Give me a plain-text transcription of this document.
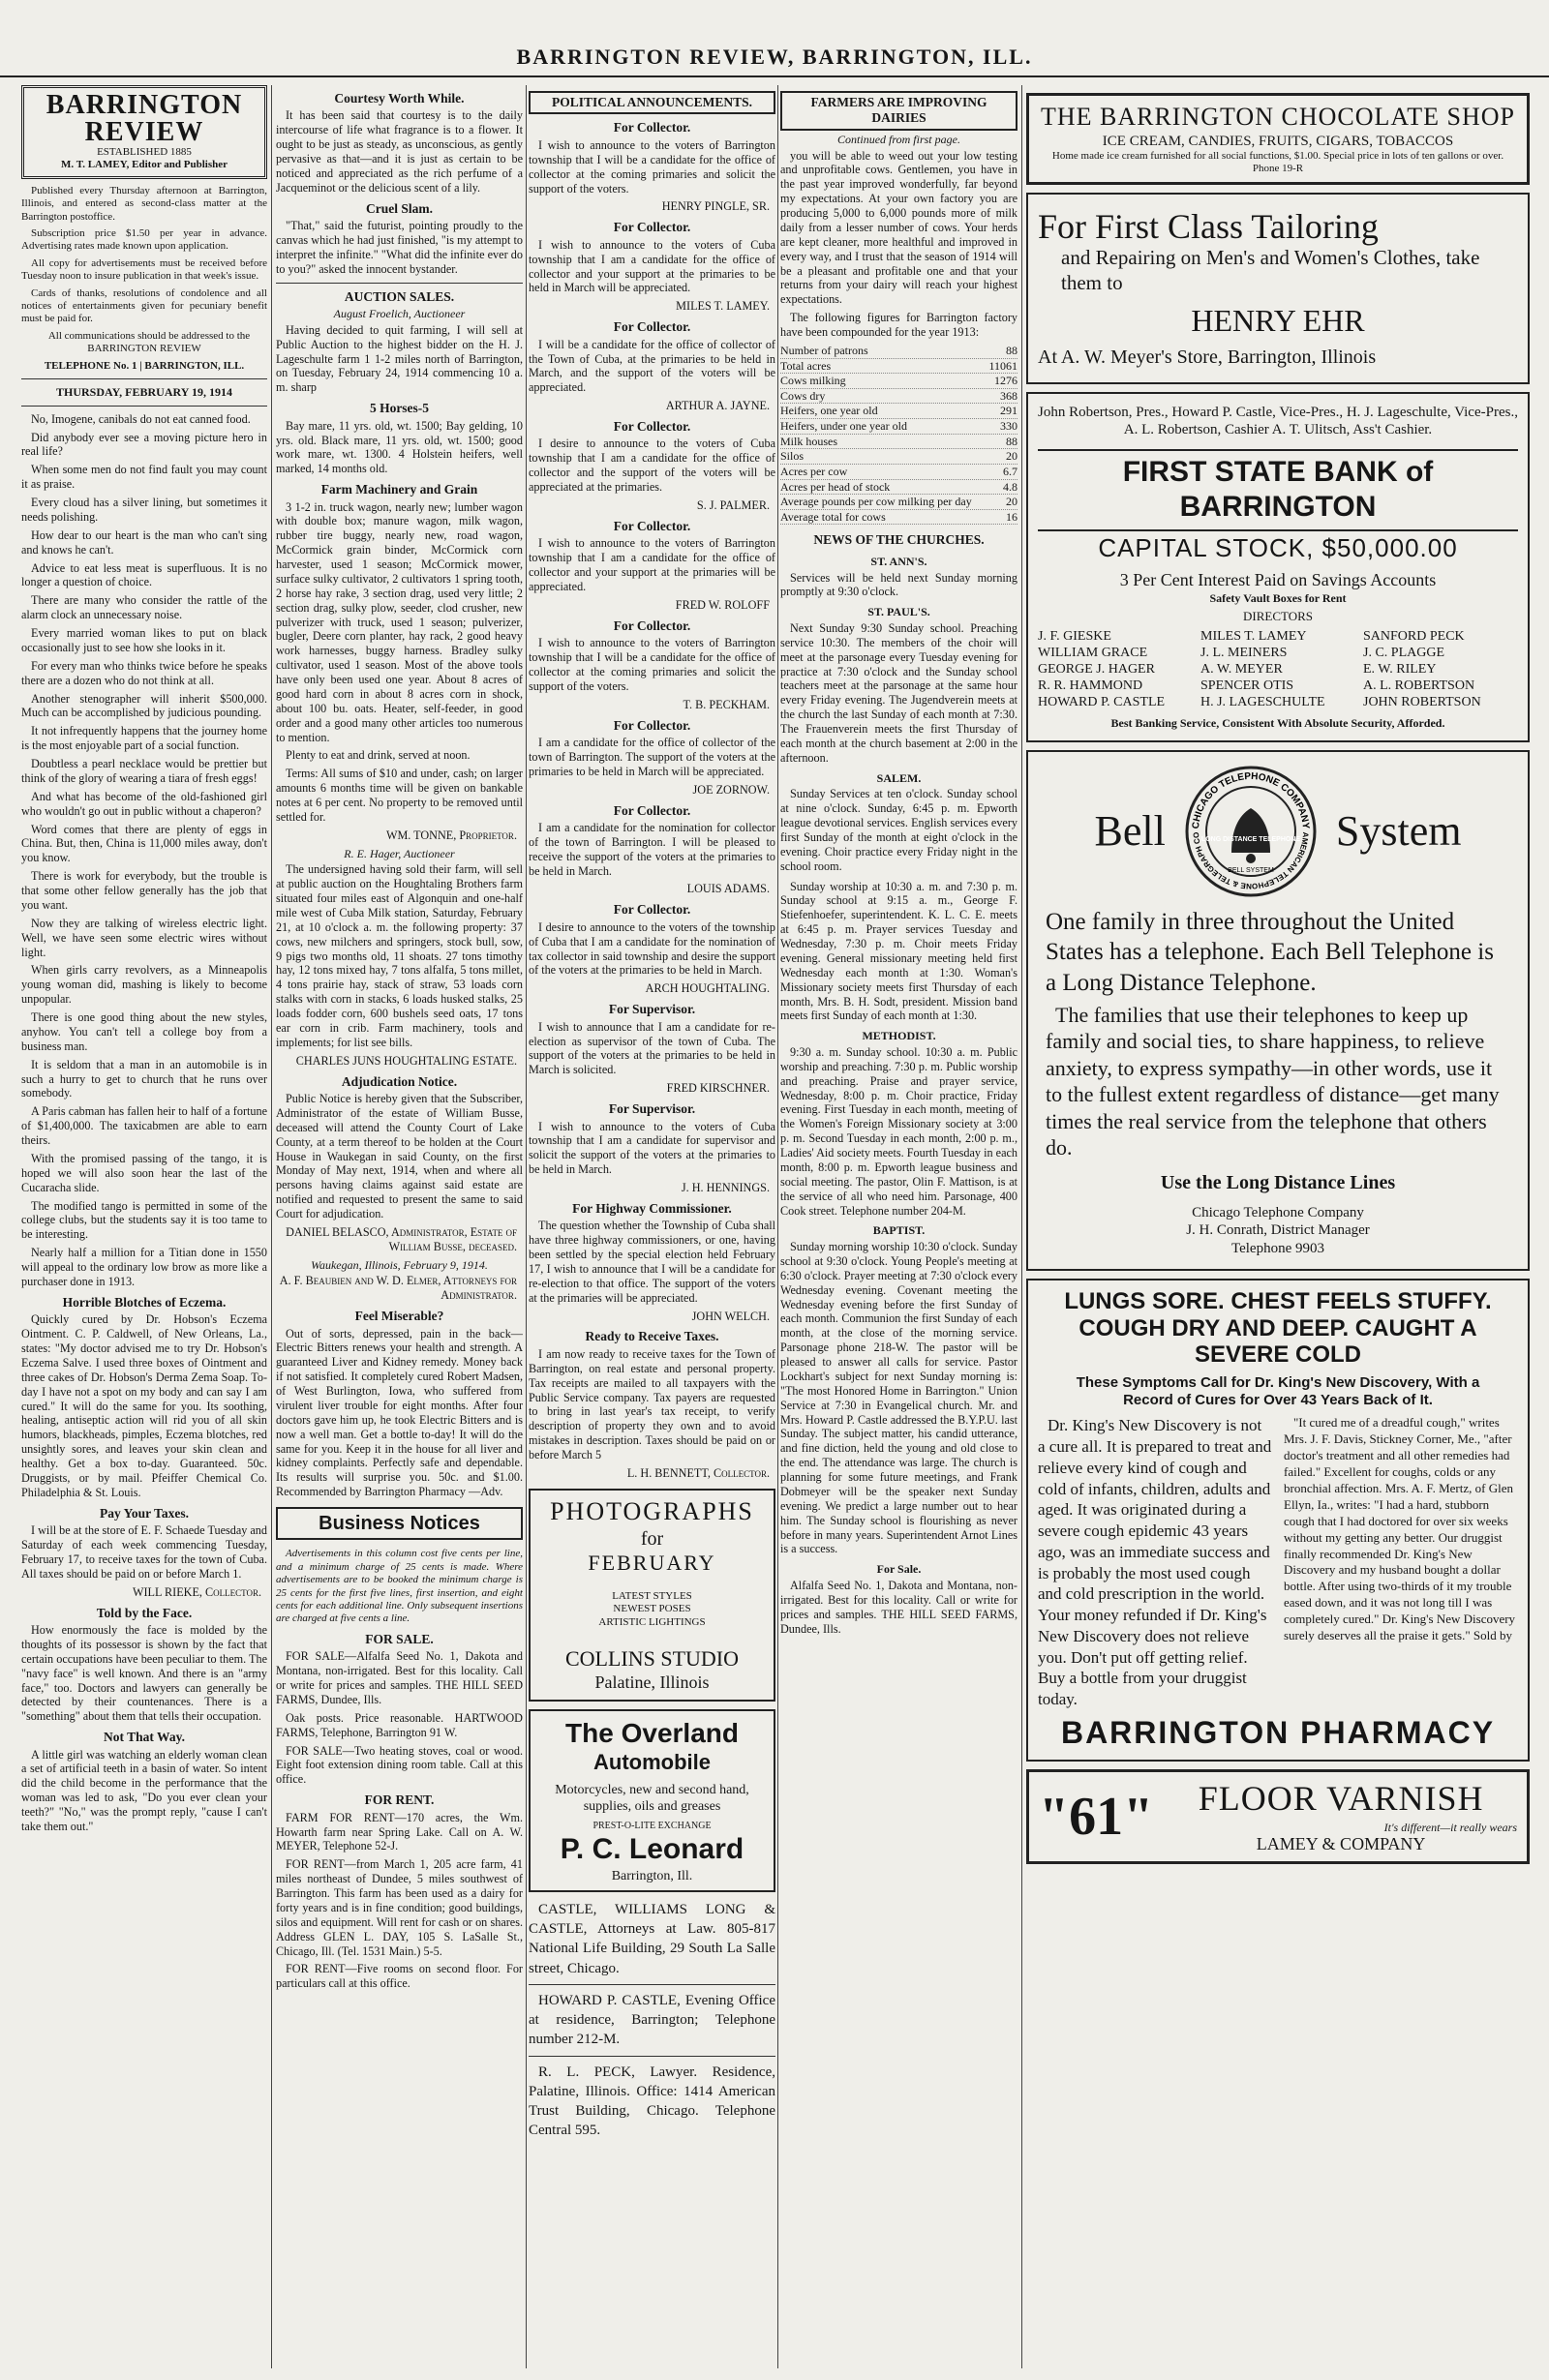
BARRINGTON REVIEW, BARRINGTON, ILL.
BARRINGTON REVIEW
ESTABLISHED 1885
M. T. LAMEY, Editor and Publisher

Published every Thursday afternoon at Barrington, Illinois, and entered as second-class matter at the Barrington postoffice.

Subscription price $1.50 per year in advance. Advertising rates made known upon application.

All copy for advertisements must be received before Tuesday noon to insure publication in that week's issue.

Cards of thanks, resolutions of condolence and all notices of entertainments given for pecuniary benefit must be paid for.

All communications should be addressed to the BARRINGTON REVIEW

TELEPHONE No. 1 | BARRINGTON, ILL.
THURSDAY, FEBRUARY 19, 1914

No, Imogene, canibals do not eat canned food.

Did anybody ever see a moving picture hero in real life?

When some men do not find fault you may count it as praise.

Every cloud has a silver lining, but sometimes it needs polishing.

How dear to our heart is the man who can't sing and knows he can't.

Advice to eat less meat is superfluous. It is no longer a question of choice.

There are many who consider the rattle of the alarm clock an unnecessary noise.

Every married woman likes to put on black occasionally just to see how she looks in it.

For every man who thinks twice before he speaks there are a dozen who do not think at all.

Another stenographer will inherit $500,000. Much can be accomplished by judicious pounding.

It not infrequently happens that the journey home is the most enjoyable part of a social function.

Doubtless a pearl necklace would be prettier but think of the glory of wearing a tiara of fresh eggs!

And what has become of the old-fashioned girl who wouldn't go out in public without a chaperon?

Word comes that there are plenty of eggs in China. But, then, China is 11,000 miles away, don't you know.

There is work for everybody, but the trouble is that some other fellow generally has the job that you want.

Now they are talking of wireless electric light. Well, we have seen some electric wires without light.

When girls carry revolvers, as a Minneapolis young woman did, mashing is likely to become unpopular.

There is one good thing about the new styles, anyhow. You can't tell a college boy from a business man.

It is seldom that a man in an automobile is in such a hurry to get to church that he runs over somebody.

A Paris cabman has fallen heir to half of a fortune of $1,400,000. The taxicabmen are able to earn theirs.

With the promised passing of the tango, it is hoped we will also soon hear the last of the Cucaracha slide.

The modified tango is permitted in some of the college clubs, but the students say it is too tame to be interesting.

Nearly half a million for a Titian done in 1550 will appeal to the ordinary low brow as more like a purchaser done in 1913.

Horrible Blotches of Eczema.

Quickly cured by Dr. Hobson's Eczema Ointment. C. P. Caldwell, of New Orleans, La., states: "My doctor advised me to try Dr. Hobson's Eczema Salve. I used three boxes of Ointment and three cakes of Dr. Hobson's Derma Zema Soap. To-day I have not a spot on my body and can say I am cured." It will do the same for you. Its soothing, healing, antiseptic action will rid you of all skin humors, blackheads, pimples, Eczema blotches, red unsightly sores, and leaves your skin clean and healthy. Get a box to-day. Guaranteed. 50c. Druggists, or by mail. Pfeiffer Chemical Co. Philadelphia & St. Louis.

Pay Your Taxes.

I will be at the store of E. F. Schaede Tuesday and Saturday of each week commencing Tuesday, February 17, to receive taxes for the town of Cuba. All taxes should be paid on or before March 1.

WILL RIEKE, Collector.
Told by the Face.

How enormously the face is molded by the thoughts of its possessor is shown by the fact that certain occupations have been peculiar to them. The "navy face" is well known. And there is an "army face," too. Doctors and lawyers can generally be detected by their countenances. There is a "something" about them that tells their occupation.

Not That Way.

A little girl was watching an elderly woman clean a set of artificial teeth in a basin of water. So intent did the child become in the performance that the woman was led to ask, "Do you ever clean your teeth?" "No," was the prompt reply, "cause I can't take them out."

Courtesy Worth While.

It has been said that courtesy is to the daily intercourse of life what fragrance is to a flower. It ought to be just as steady, as unconscious, as gently pervasive as that—and it is just as certain to be noticed and appreciated as the rich perfume of a Jacqueminot or the delicious scent of a lily.

Cruel Slam.

"That," said the futurist, pointing proudly to the canvas which he had just finished, "is my attempt to interpret the infinite." "What did the infinite ever do to you?" asked the innocent bystander.

AUCTION SALES.
August Froelich, Auctioneer

Having decided to quit farming, I will sell at Public Auction to the highest bidder on the H. J. Lageschulte farm 1 1-2 miles north of Barrington, on Tuesday, February 24, 1914 commencing 10 a. m. sharp

5 Horses-5

Bay mare, 11 yrs. old, wt. 1500; Bay gelding, 10 yrs. old. Black mare, 11 yrs. old, wt. 1500; good work mare, wt. 1300. 4 Holstein heifers, well marked, 14 months old.

Farm Machinery and Grain

3 1-2 in. truck wagon, nearly new; lumber wagon with double box; manure wagon, milk wagon, rubber tire buggy, nearly new, road wagon, McCormick grain binder, McCormick corn harvester, used 1 season; McCormick mower, surface sulky cultivator, 2 cultivators 1 spring tooth, 2 horse hay rake, 3 section drag, used very little; 2 section drag, sulky plow, seeder, clod crusher, new pulverizer with truck, used 1 season; pulverizer, bugler, Deere corn planter, hay rack, 2 good heavy work harnesses, buggy harness. Bradley sulky cultivator, used 1 season. Most of the above tools have only been used one year. About 8 acres of good hard corn in about 8 acres corn in shock, about 100 bu. oats. Heater, self-feeder, in good order and a good many other articles too numerous to mention.

Plenty to eat and drink, served at noon.

Terms: All sums of $10 and under, cash; on larger amounts 6 months time will be given on bankable notes at 6 per cent. No property to be removed until settled for.

WM. TONNE, Proprietor.
R. E. Hager, Auctioneer

The undersigned having sold their farm, will sell at public auction on the Houghtaling Brothers farm situated four miles east of Algonquin and one-half mile west of Cuba Milk station, Saturday, February 21, at 10 o'clock a. m. the following property: 37 cows, new milchers and springers, stock bull, sow, 9 pigs two months old, 11 shoats. 27 tons timothy hay, 12 tons mixed hay, 7 tons alfalfa, 5 tons millet, 4 tons prairie hay, stack of straw, 53 loads corn stalks with corn in stacks, 6 loads husked stalks, 25 loads fodder corn, 600 bushels seed oats, 17 tons ear corn in crib. Farm machinery, tools and implements; for list see bills.

CHARLES JUNS HOUGHTALING ESTATE.
Adjudication Notice.

Public Notice is hereby given that the Subscriber, Administrator of the estate of William Busse, deceased will attend the County Court of Lake County, at a term thereof to be holden at the Court House in Waukegan in said County, on the first Monday of May next, 1914, when and where all persons having claims against said estate are notified and requested to present the same to said Court for adjudication.

DANIEL BELASCO, Administrator, Estate of William Busse, deceased.
Waukegan, Illinois, February 9, 1914.
A. F. Beaubien and W. D. Elmer, Attorneys for Administrator.
Feel Miserable?

Out of sorts, depressed, pain in the back—Electric Bitters renews your health and strength. A guaranteed Liver and Kidney remedy. Money back if not satisfied. It completely cured Robert Madsen, of West Burlington, Iowa, who suffered from virulent liver trouble for eight months. After four doctors gave him up, he took Electric Bitters and is now a well man. Get a bottle to-day! It will do the same for you. Keep it in the house for all liver and kidney complaints. Perfectly safe and dependable. Its results will surprise you. 50c. and $1.00. Recommended by Barrington Pharmacy —Adv.

Business Notices

Advertisements in this column cost five cents per line, and a minimum charge of 25 cents is made. Where advertisements are to be booked the minimum charge is 25 cents for the first five lines, first insertion, and eight cents for each additional line. Only subsequent insertions are charged at five cents a line.

FOR SALE.

FOR SALE—Alfalfa Seed No. 1, Dakota and Montana, non-irrigated. Best for this locality. Call or write for prices and samples. THE HILL SEED FARMS, Dundee, Ills.

Oak posts. Price reasonable. HARTWOOD FARMS, Telephone, Barrington 91 W.

FOR SALE—Two heating stoves, coal or wood. Eight foot extension dining room table. Call at this office.

FOR RENT.

FARM FOR RENT—170 acres, the Wm. Howarth farm near Spring Lake. Call on A. W. MEYER, Telephone 52-J.

FOR RENT—from March 1, 205 acre farm, 41 miles northeast of Dundee, 5 miles southwest of Barrington. This farm has been used as a dairy for forty years and is in fine condition; good buildings, silos and equipment. Will rent for cash or on shares. Address GLEN L. DAY, 105 S. LaSalle St., Chicago, Ill. (Tel. 1531 Main.) 5-5.

FOR RENT—Five rooms on second floor. For particulars call at this office.

POLITICAL ANNOUNCEMENTS.
For Collector.

I wish to announce to the voters of Barrington township that I will be a candidate for the office of collector at the coming primaries and solicit the support of the voters.

HENRY PINGLE, SR.
For Collector.

I wish to announce to the voters of Cuba township that I am a candidate for the office of collector and your support at the primaries to be held in March will be appreciated.

MILES T. LAMEY.
For Collector.

I will be a candidate for the office of collector of the Town of Cuba, at the primaries to be held in March, and the support of the voters will be appreciated.

ARTHUR A. JAYNE.
For Collector.

I desire to announce to the voters of Cuba township that I am a candidate for the office of collector and the support of the voters will be appreciated at the primaries.

S. J. PALMER.
For Collector.

I wish to announce to the voters of Barrington township that I am a candidate for the office of collector and your support at the primaries will be appreciated.

FRED W. ROLOFF
For Collector.

I wish to announce to the voters of Barrington township that I will be a candidate for the office of collector at the coming primaries and solicit the support of the voters.

T. B. PECKHAM.
For Collector.

I am a candidate for the office of collector of the town of Barrington. The support of the voters at the primaries to be held in March will be appreciated.

JOE ZORNOW.
For Collector.

I am a candidate for the nomination for collector of the town of Barrington. I will be pleased to receive the support of the voters at the primaries to be held in March.

LOUIS ADAMS.
For Collector.

I desire to announce to the voters of the township of Cuba that I am a candidate for the nomination of tax collector in said township and desire the support of the voters at the primaries to be held in March.

ARCH HOUGHTALING.
For Supervisor.

I wish to announce that I am a candidate for re-election as supervisor of the town of Cuba. The support of the voters at the primaries to be held in March is solicited.

FRED KIRSCHNER.
For Supervisor.

I wish to announce to the voters of Cuba township that I am a candidate for supervisor and solicit the support of the voters at the primaries to be held in March.

J. H. HENNINGS.
For Highway Commissioner.

The question whether the Township of Cuba shall have three highway commissioners, or one, having been settled by the special election held February 17, I wish to announce that I will be a candidate for re-election to that office. The support of the voters at the primaries will be appreciated.

JOHN WELCH.
Ready to Receive Taxes.

I am now ready to receive taxes for the Town of Barrington, on real estate and personal property. Tax receipts are mailed to all taxpayers with the Public Service company. Tax payers are requested to bring in last year's tax receipt, to verify description of property they own and to avoid mistakes in description. Taxes should be paid on or before March 5

L. H. BENNETT, Collector.
PHOTOGRAPHS
for
FEBRUARY
LATEST STYLES
NEWEST POSES
ARTISTIC LIGHTINGS
COLLINS STUDIO
Palatine, Illinois
The Overland
Automobile
Motorcycles, new and second hand, supplies, oils and greases
PREST-O-LITE EXCHANGE
P. C. Leonard
Barrington, Ill.

CASTLE, WILLIAMS LONG & CASTLE, Attorneys at Law. 805-817 National Life Building, 29 South La Salle street, Chicago.

HOWARD P. CASTLE, Evening Office at residence, Barrington; Telephone number 212-M.

R. L. PECK, Lawyer. Residence, Palatine, Illinois. Office: 1414 American Trust Building, Chicago. Telephone Central 595.

FARMERS ARE IMPROVING DAIRIES
Continued from first page.

you will be able to weed out your low testing and unprofitable cows. Gentlemen, you have in the past year improved wonderfully, far beyond my expectations. At your own factory you are producing 5,000 to 6,000 pounds more of milk daily from a lesser number of cows. Your herds are kept cleaner, more healthful and improved in every way, and I trust that the season of 1914 will be a pleasant and profitable one and that your returns from your dairy will reach your highest expectations.

The following figures for Barrington factory have been compounded for the year 1913:

Number of patrons	88
Total acres	11061
Cows milking	1276
Cows dry	368
Heifers, one year old	291
Heifers, under one year old	330
Milk houses	88
Silos	20
Acres per cow	6.7
Acres per head of stock	4.8
Average pounds per cow milking per day	20
Average total for cows	16
NEWS OF THE CHURCHES.
ST. ANN'S.

Services will be held next Sunday morning promptly at 9:30 o'clock.

ST. PAUL'S.

Next Sunday 9:30 Sunday school. Preaching service 10:30. The members of the choir will meet at the parsonage every Tuesday evening for practice at 7:30 o'clock and the Sunday school teachers meet at the parsonage at the same hour every Friday evening. The Jugendverein meets at the church the last Sunday of each month at 7:30. The Frauenverein meets the first Thursday of each month at the church basement at 2:00 in the afternoon.

SALEM.

Sunday Services at ten o'clock. Sunday school at nine o'clock. Sunday, 6:45 p. m. Epworth league devotional services. English services every first Sunday of the month at eight o'clock in the evening. Choir practice every Friday night in the school room.

Sunday worship at 10:30 a. m. and 7:30 p. m. Sunday school at 9:15 a. m., George F. Stiefenhoefer, superintendent. K. L. C. E. meets at 6:45 p. m. Prayer services Tuesday and Wednesday, 7:30 p. m. Choir meets Friday evening. General missionary meeting held first Wednesday each month at 1:30. Woman's Missionary society meets first Thursday of each month, Mrs. B. H. Sodt, president. Mission band meets first Sunday of each month at 1:30.

METHODIST.

9:30 a. m. Sunday school. 10:30 a. m. Public worship and preaching. 7:30 p. m. Public worship and preaching. Praise and prayer service, Wednesday, 8:00 p. m. Choir practice, Friday evening. First Tuesday in each month, meeting of the Women's Foreign Missionary society at 3:00 p. m. Second Tuesday in each month, 2:00 p. m., Ladies' Aid society meets. Fourth Tuesday in each month, 8:00 p. m. Epworth league business and social meeting. The pastor, Olin F. Mattison, is at the service of all who need him. Parsonage, 400 Cook street. Telephone number 204-M.

BAPTIST.

Sunday morning worship 10:30 o'clock. Sunday school at 9:30 o'clock. Young People's meeting at 6:30 o'clock. Prayer meeting at 7:30 o'clock every Wednesday evening. Covenant meeting the Wednesday evening before the first Sunday of each month. Communion the first Sunday of each month, at the close of the morning service. Parsonage phone 218-W. The pastor will be pleased to answer all calls for service. Pastor Lockhart's subject for next Sunday morning is: "The most Honored Home in Barrington." Union Service at 7:30 in Evangelical church. Mr. and Mrs. Howard P. Castle addressed the B.Y.P.U. last Sunday. The subject matter, his candid utterance, and fine diction, held the young and old close to the end. The attendance was large. The church is planning for some future meetings, and Frank Dobmeyer will be the speaker next Sunday evening. We predict a large number out to hear him. The Sunday school is flourishing as never before in many years. Superintendent Arnot Lines is a success.

For Sale.

Alfalfa Seed No. 1, Dakota and Montana, non-irrigated. Best for this locality. Call or write for prices and samples. THE HILL SEED FARMS, Dundee, Ills.

THE BARRINGTON CHOCOLATE SHOP
ICE CREAM, CANDIES, FRUITS, CIGARS, TOBACCOS
Home made ice cream furnished for all social functions, $1.00. Special price in lots of ten gallons or over. Phone 19-R
For First Class Tailoring
and Repairing on Men's and Women's Clothes, take them to
HENRY EHR
At A. W. Meyer's Store, Barrington, Illinois
John Robertson, Pres., Howard P. Castle, Vice-Pres., H. J. Lageschulte, Vice-Pres., A. L. Robertson, Cashier A. T. Ulitsch, Ass't Cashier.
FIRST STATE BANK of BARRINGTON
CAPITAL STOCK, $50,000.00
3 Per Cent Interest Paid on Savings Accounts
Safety Vault Boxes for Rent
DIRECTORS
J. F. GIESKE	MILES T. LAMEY	SANFORD PECK
WILLIAM GRACE	J. L. MEINERS	J. C. PLAGGE
GEORGE J. HAGER	A. W. MEYER	E. W. RILEY
R. R. HAMMOND	SPENCER OTIS	A. L. ROBERTSON
HOWARD P. CASTLE	H. J. LAGESCHULTE	JOHN ROBERTSON
Best Banking Service, Consistent With Absolute Security, Afforded.
Bell	CHICAGO TELEPHONE COMPANY
AMERICAN TELEPHONE & TELEGRAPH CO
LONG DISTANCE TELEPHONE
BELL SYSTEM
System

One family in three throughout the United States has a telephone. Each Bell Telephone is a Long Distance Telephone.

The families that use their telephones to keep up family and social ties, to share happiness, to relieve anxiety, to express sympathy—in other words, use it to the fullest extent regardless of distance—get many times the real service from the telephone that others do.

Use the Long Distance Lines
Chicago Telephone Company
J. H. Conrath, District Manager
Telephone 9903
LUNGS SORE. CHEST FEELS STUFFY. COUGH DRY AND DEEP. CAUGHT A SEVERE COLD
These Symptoms Call for Dr. King's New Discovery, With a Record of Cures for Over 43 Years Back of It.

Dr. King's New Discovery is not a cure all. It is prepared to treat and relieve every kind of cough and cold of infants, children, adults and aged. It was originated during a severe cough epidemic 43 years ago, was an immediate success and is probably the most used cough and cold prescription in the world. Your money refunded if Dr. King's New Discovery does not relieve you. Don't put off getting relief. Buy a bottle from your druggist today.

"It cured me of a dreadful cough," writes Mrs. J. F. Davis, Stickney Corner, Me., "after doctor's treatment and all other remedies had failed." Excellent for coughs, colds or any bronchial affection. Mrs. A. F. Mertz, of Glen Ellyn, Ia., writes: "I had a hard, stubborn cough that I had doctored for over six weeks without my getting any better. Our druggist finally recommended Dr. King's New Discovery and my husband bought a dollar bottle. After using two-thirds of it my trouble eased down, and it was not long till I was completely cured." Dr. King's New Discovery surely deserves all the praise it gets." Sold by

BARRINGTON PHARMACY
"61"	FLOOR VARNISH
It's different—it really wears
LAMEY & COMPANY
